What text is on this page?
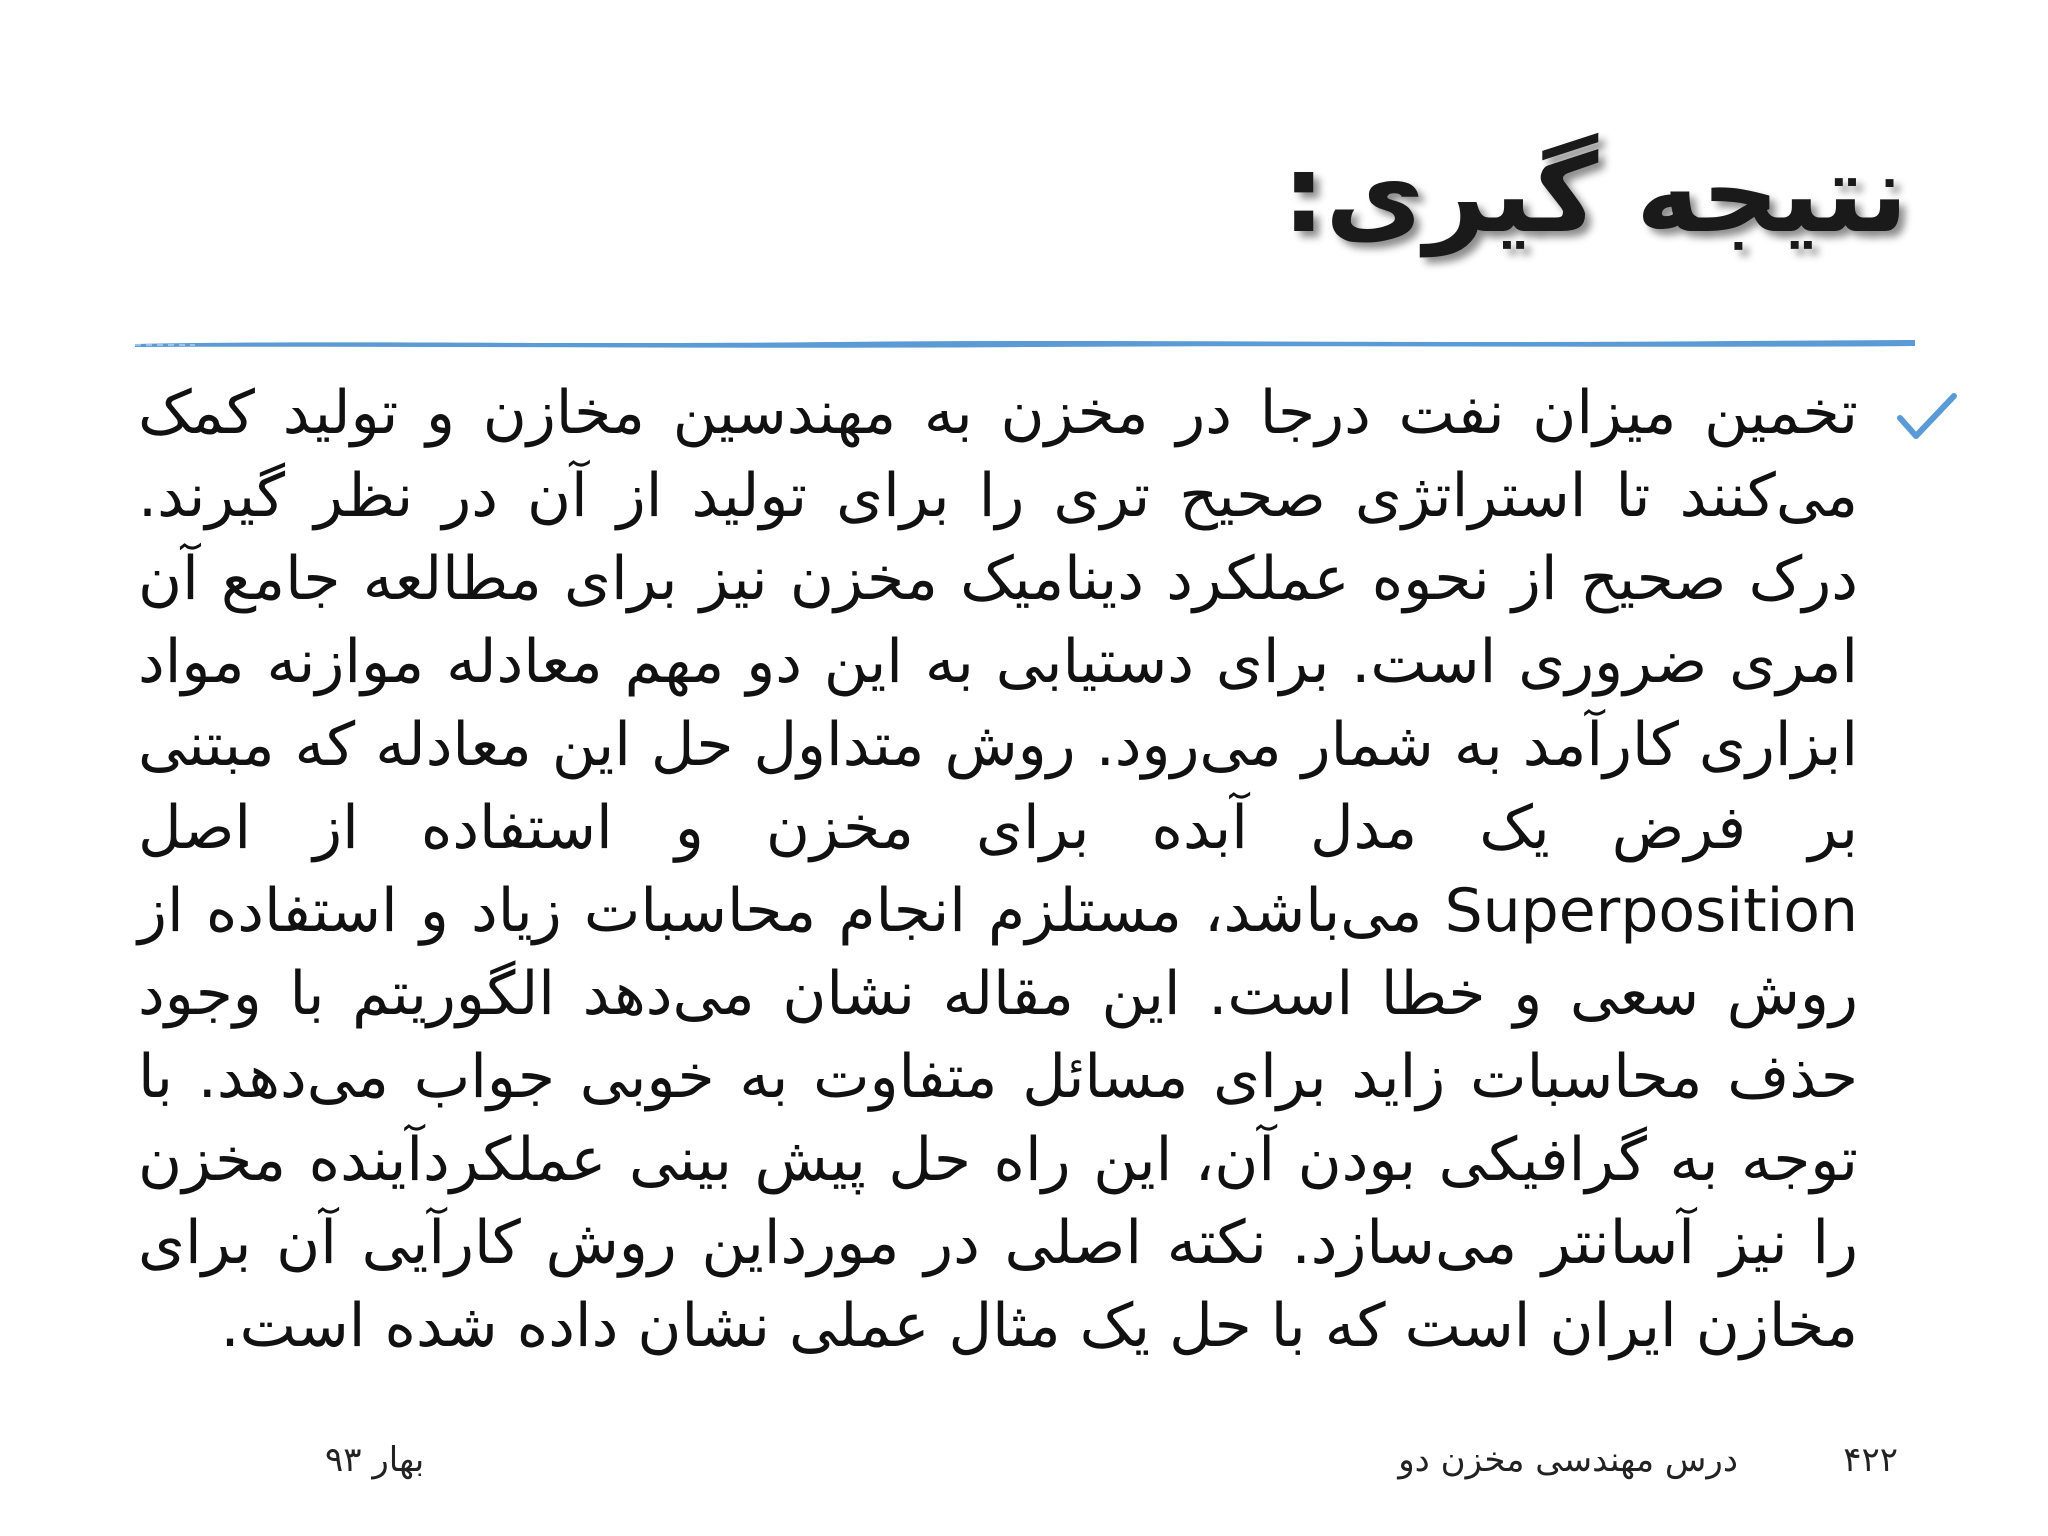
نتیجه گیری:
تخمین میزان نفت درجا در مخزن به مهندسین مخازن و تولید کمک می‌کنند تا استراتژی صحیح تری را برای تولید از آن در نظر گیرند. درک صحیح از نحوه عملکرد دینامیک مخزن نیز برای مطالعه جامع آن امری ضروری است. برای دستیابی به این دو مهم معادله موازنه مواد ابزاری کارآمد به شمار می‌رود. روش متداول حل این معادله که مبتنی بر فرض یک مدل آبده برای مخزن و استفاده از اصل Superposition می‌باشد، مستلزم انجام محاسبات زیاد و استفاده از روش سعی و خطا است. این مقاله نشان می‌دهد الگوریتم با وجود حذف محاسبات زاید برای مسائل متفاوت به خوبی جواب می‌دهد. با توجه به گرافیکی بودن آن، این راه حل پیش بینی عملکردآینده مخزن را نیز آسانتر می‌سازد. نکته اصلی در مورداین روش کارآیی آن برای مخازن ایران است که با حل یک مثال عملی نشان داده شده است.
۴۲۲
درس مهندسی مخزن دو
بهار ۹۳
